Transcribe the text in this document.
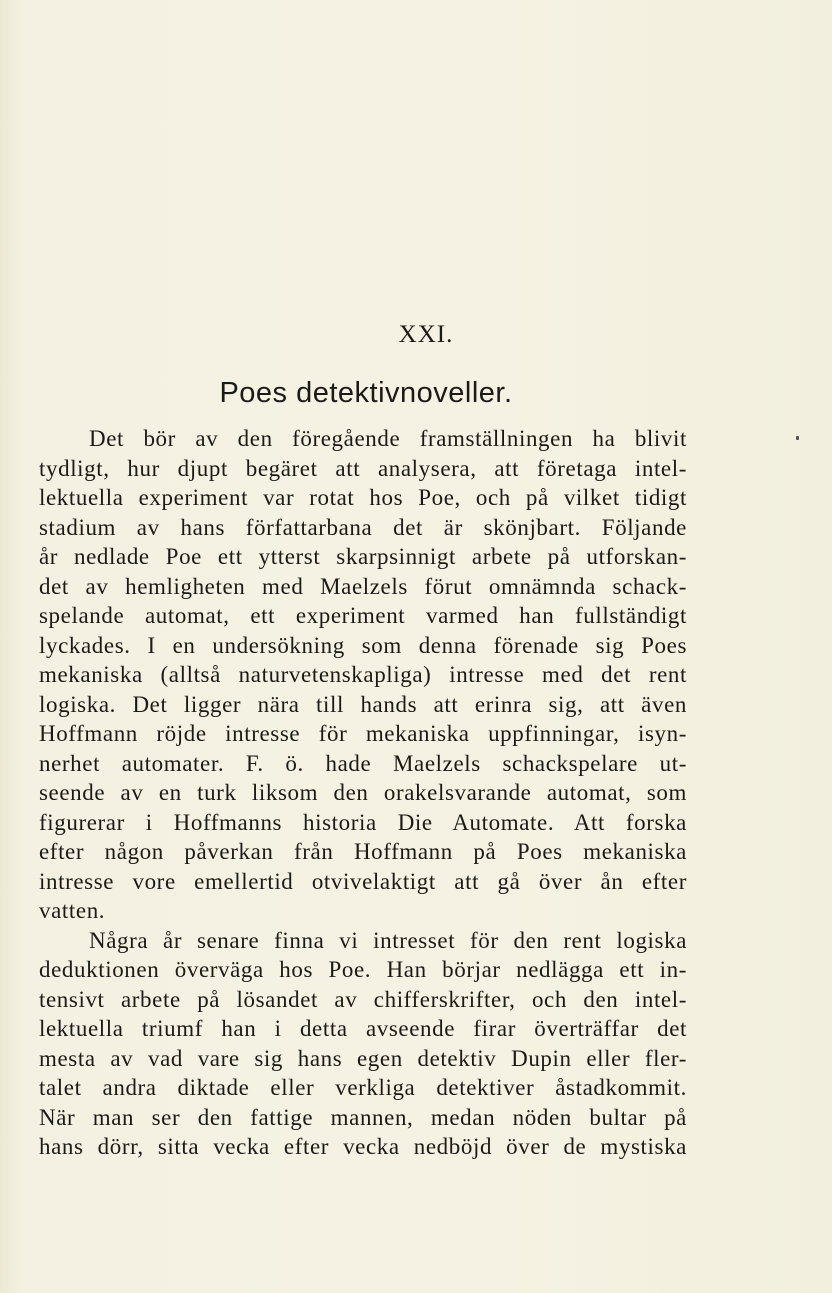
XXI.
Poes detektivnoveller.
Det bör av den föregående framställningen ha blivit
tydligt, hur djupt begäret att analysera, att företaga intel-
lektuella experiment var rotat hos Poe, och på vilket tidigt
stadium av hans författarbana det är skönjbart. Följande
år nedlade Poe ett ytterst skarpsinnigt arbete på utforskan-
det av hemligheten med Maelzels förut omnämnda schack-
spelande automat, ett experiment varmed han fullständigt
lyckades. I en undersökning som denna förenade sig Poes
mekaniska (alltså naturvetenskapliga) intresse med det rent
logiska. Det ligger nära till hands att erinra sig, att även
Hoffmann röjde intresse för mekaniska uppfinningar, isyn-
nerhet automater. F. ö. hade Maelzels schackspelare ut-
seende av en turk liksom den orakelsvarande automat, som
figurerar i Hoffmanns historia Die Automate. Att forska
efter någon påverkan från Hoffmann på Poes mekaniska
intresse vore emellertid otvivelaktigt att gå över ån efter
vatten.
Några år senare finna vi intresset för den rent logiska
deduktionen överväga hos Poe. Han börjar nedlägga ett in-
tensivt arbete på lösandet av chifferskrifter, och den intel-
lektuella triumf han i detta avseende firar överträffar det
mesta av vad vare sig hans egen detektiv Dupin eller fler-
talet andra diktade eller verkliga detektiver åstadkommit.
När man ser den fattige mannen, medan nöden bultar på
hans dörr, sitta vecka efter vecka nedböjd över de mystiska
